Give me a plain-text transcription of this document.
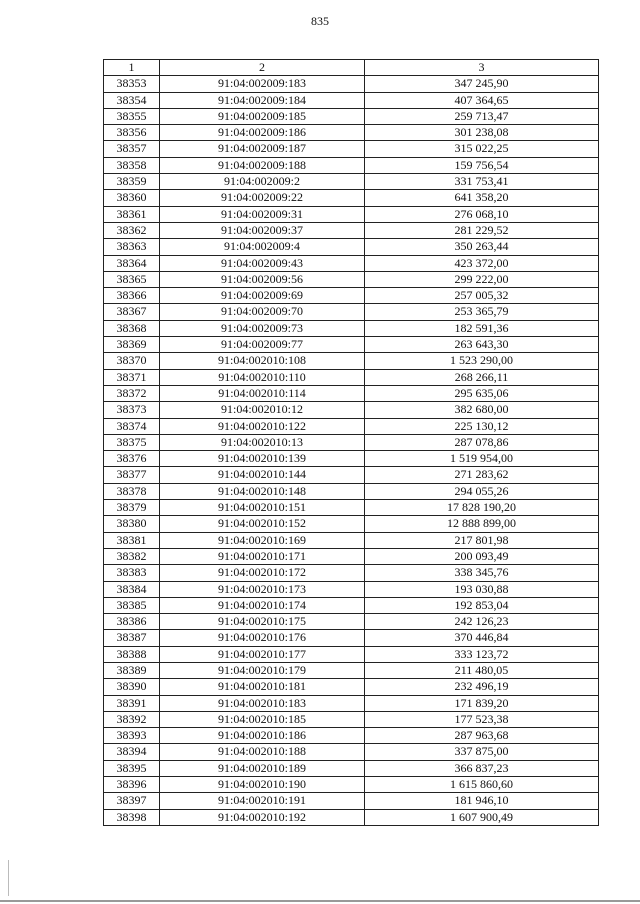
835
1	2	3
38353	91:04:002009:183	347 245,90
38354	91:04:002009:184	407 364,65
38355	91:04:002009:185	259 713,47
38356	91:04:002009:186	301 238,08
38357	91:04:002009:187	315 022,25
38358	91:04:002009:188	159 756,54
38359	91:04:002009:2	331 753,41
38360	91:04:002009:22	641 358,20
38361	91:04:002009:31	276 068,10
38362	91:04:002009:37	281 229,52
38363	91:04:002009:4	350 263,44
38364	91:04:002009:43	423 372,00
38365	91:04:002009:56	299 222,00
38366	91:04:002009:69	257 005,32
38367	91:04:002009:70	253 365,79
38368	91:04:002009:73	182 591,36
38369	91:04:002009:77	263 643,30
38370	91:04:002010:108	1 523 290,00
38371	91:04:002010:110	268 266,11
38372	91:04:002010:114	295 635,06
38373	91:04:002010:12	382 680,00
38374	91:04:002010:122	225 130,12
38375	91:04:002010:13	287 078,86
38376	91:04:002010:139	1 519 954,00
38377	91:04:002010:144	271 283,62
38378	91:04:002010:148	294 055,26
38379	91:04:002010:151	17 828 190,20
38380	91:04:002010:152	12 888 899,00
38381	91:04:002010:169	217 801,98
38382	91:04:002010:171	200 093,49
38383	91:04:002010:172	338 345,76
38384	91:04:002010:173	193 030,88
38385	91:04:002010:174	192 853,04
38386	91:04:002010:175	242 126,23
38387	91:04:002010:176	370 446,84
38388	91:04:002010:177	333 123,72
38389	91:04:002010:179	211 480,05
38390	91:04:002010:181	232 496,19
38391	91:04:002010:183	171 839,20
38392	91:04:002010:185	177 523,38
38393	91:04:002010:186	287 963,68
38394	91:04:002010:188	337 875,00
38395	91:04:002010:189	366 837,23
38396	91:04:002010:190	1 615 860,60
38397	91:04:002010:191	181 946,10
38398	91:04:002010:192	1 607 900,49
